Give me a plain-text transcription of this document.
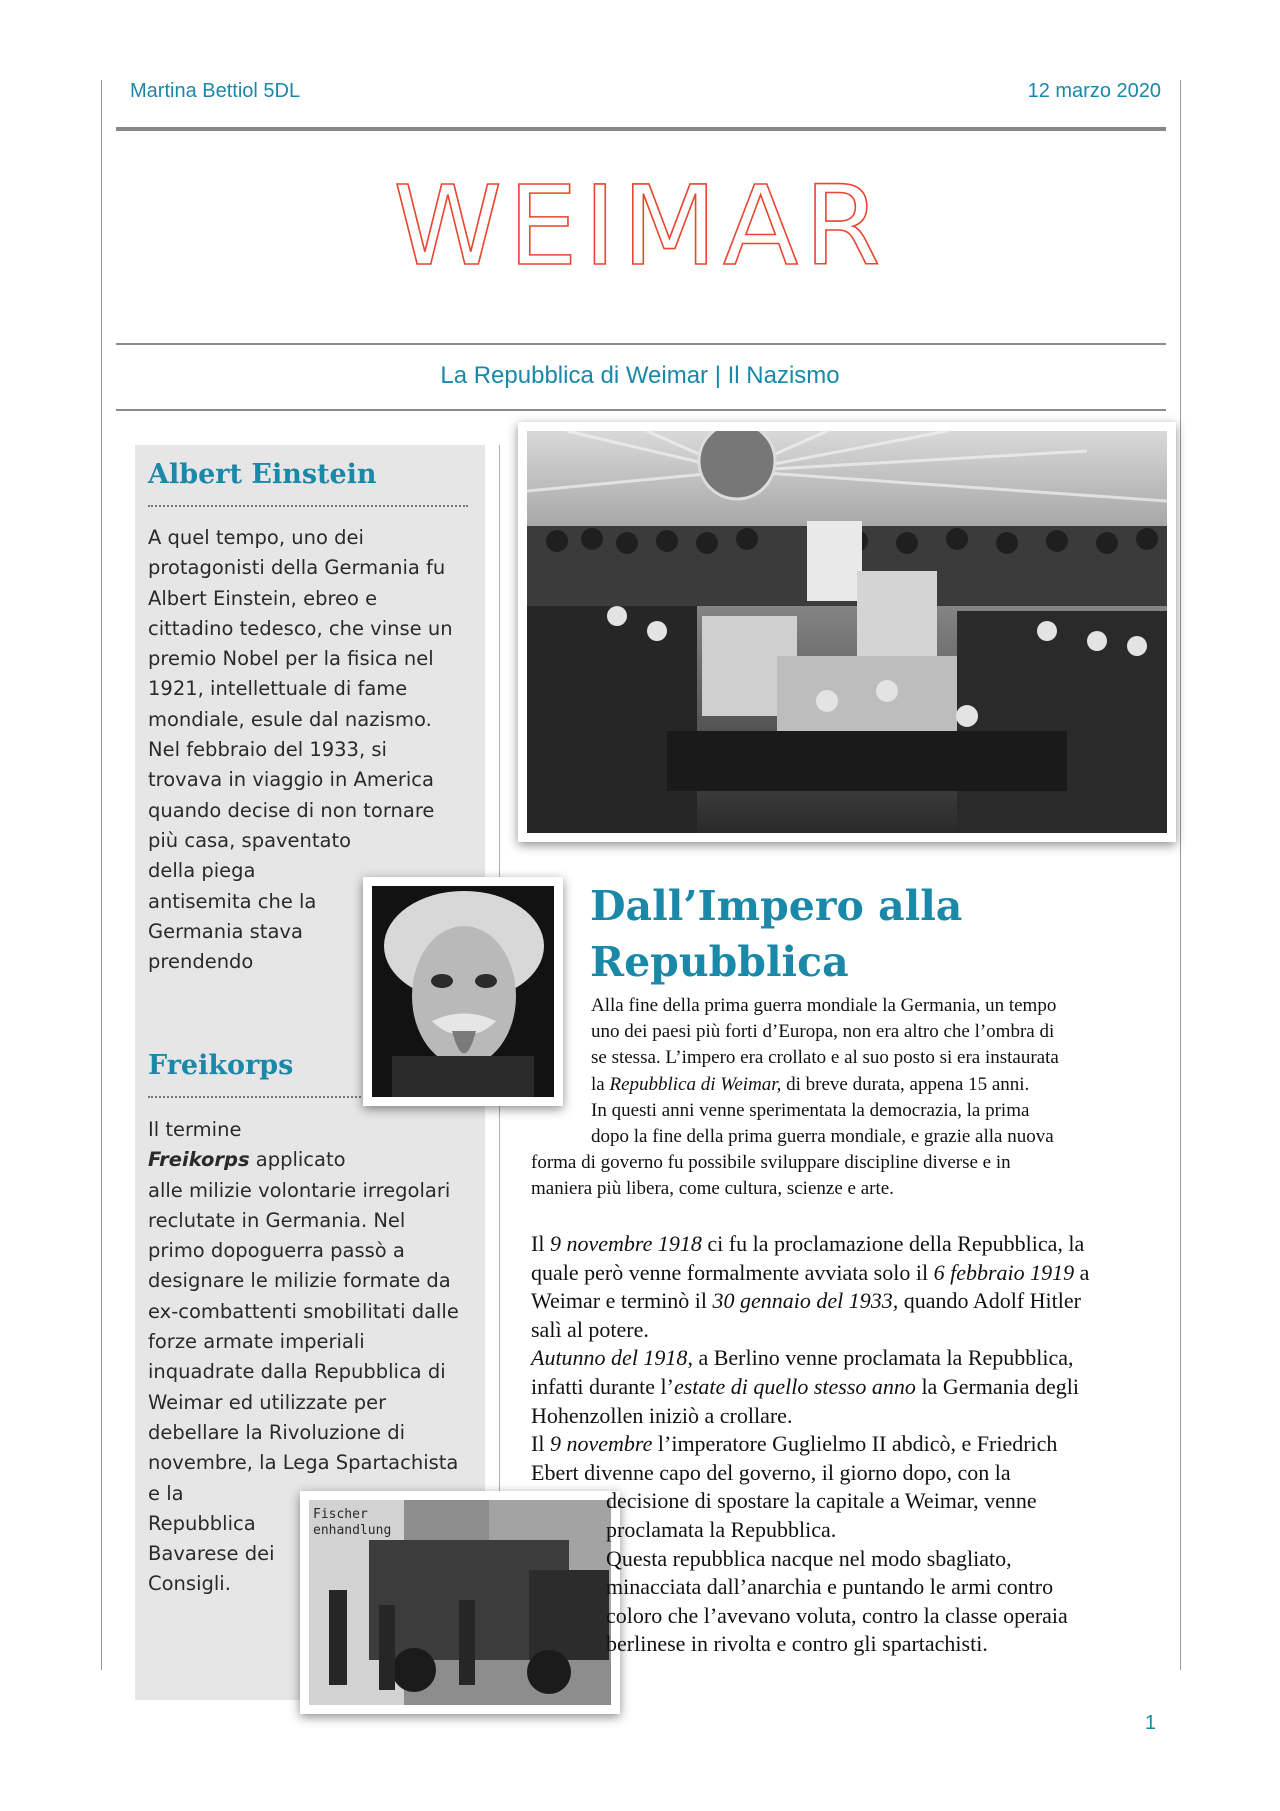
Martina Bettiol 5DL	12 marzo 2020
WEIMAR
La Repubblica di Weimar | Il Nazismo
Albert Einstein
A quel tempo, uno dei
protagonisti della Germania fu
Albert Einstein, ebreo e
cittadino tedesco, che vinse un
premio Nobel per la fisica nel
1921, intellettuale di fame
mondiale, esule dal nazismo.
Nel febbraio del 1933, si
trovava in viaggio in America
quando decise di non tornare
più casa, spaventato
della piega
antisemita che la
Germania stava
prendendo
Freikorps
Il termine
Freikorps applicato
alle milizie volontarie irregolari
reclutate in Germania. Nel
primo dopoguerra passò a
designare le milizie formate da
ex-combattenti smobilitati dalle
forze armate imperiali
inquadrate dalla Repubblica di
Weimar ed utilizzate per
debellare la Rivoluzione di
novembre, la Lega Spartachista
e la
Repubblica
Bavarese dei
Consigli.
Fischer
enhandlung
Dall’Impero alla
Repubblica
Alla fine della prima guerra mondiale la Germania, un tempo
uno dei paesi più forti d’Europa, non era altro che l’ombra di
se stessa. L’impero era crollato e al suo posto si era instaurata
la Repubblica di Weimar, di breve durata, appena 15 anni.
In questi anni venne sperimentata la democrazia, la prima
dopo la fine della prima guerra mondiale, e grazie alla nuova
forma di governo fu possibile sviluppare discipline diverse e in
maniera più libera, come cultura, scienze e arte.
Il 9 novembre 1918 ci fu la proclamazione della Repubblica, la
quale però venne formalmente avviata solo il 6 febbraio 1919 a
Weimar e terminò il 30 gennaio del 1933, quando Adolf Hitler
salì al potere.
Autunno del 1918, a Berlino venne proclamata la Repubblica,
infatti durante l’estate di quello stesso anno la Germania degli
Hohenzollen iniziò a crollare.
Il 9 novembre l’imperatore Guglielmo II abdicò, e Friedrich
Ebert divenne capo del governo, il giorno dopo, con la
decisione di spostare la capitale a Weimar, venne
proclamata la Repubblica.
Questa repubblica nacque nel modo sbagliato,
minacciata dall’anarchia e puntando le armi contro
coloro che l’avevano voluta, contro la classe operaia
berlinese in rivolta e contro gli spartachisti.
1
